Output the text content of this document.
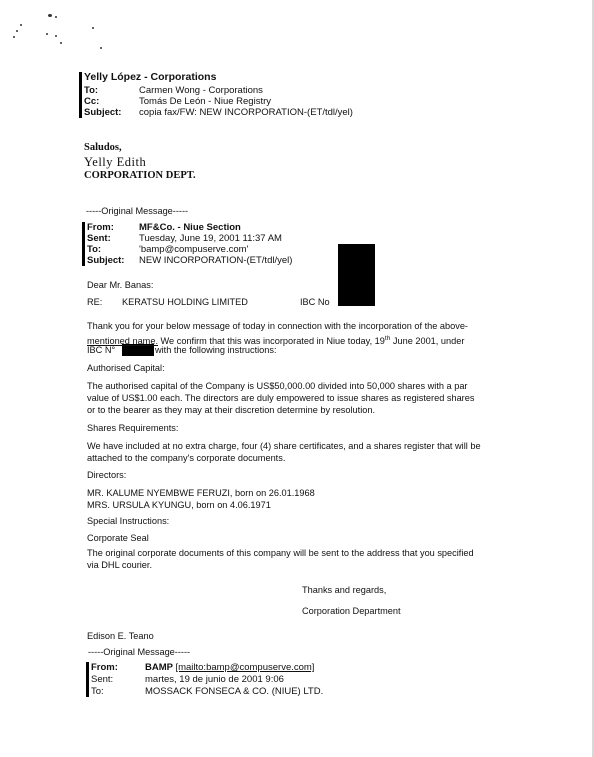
Yelly López - Corporations
To:	Carmen Wong - Corporations
Cc:	Tomás De León - Niue Registry
Subject: copia fax/FW: NEW INCORPORATION-(ET/tdl/yel)
Saludos,
Yelly Edith
CORPORATION DEPT.
-----Original Message-----
From:	MF&Co. - Niue Section
Sent:	Tuesday, June 19, 2001 11:37 AM
To:	'bamp@compuserve.com'
Subject: NEW INCORPORATION-(ET/tdl/yel)
Dear Mr. Banas:
RE: KERATSU HOLDING LIMITED	IBC No
Thank you for your below message of today in connection with the incorporation of the above-
mentioned name. We confirm that this was incorporated in Niue today, 19th June 2001, under
IBC N°	with the following instructions:
Authorised Capital:
The authorised capital of the Company is US$50,000.00 divided into 50,000 shares with a par
value of US$1.00 each. The directors are duly empowered to issue shares as registered shares
or to the bearer as they may at their discretion determine by resolution.
Shares Requirements:
We have included at no extra charge, four (4) share certificates, and a shares register that will be
attached to the company's corporate documents.
Directors:
MR. KALUME NYEMBWE FERUZI, born on 26.01.1968
MRS. URSULA KYUNGU, born on 4.06.1971
Special Instructions:
Corporate Seal
The original corporate documents of this company will be sent to the address that you specified
via DHL courier.
Thanks and regards,
Corporation Department
Edison E. Teano
-----Original Message-----
From:	BAMP [mailto:bamp@compuserve.com]
Sent:	martes, 19 de junio de 2001 9:06
To:	MOSSACK FONSECA & CO. (NIUE) LTD.
